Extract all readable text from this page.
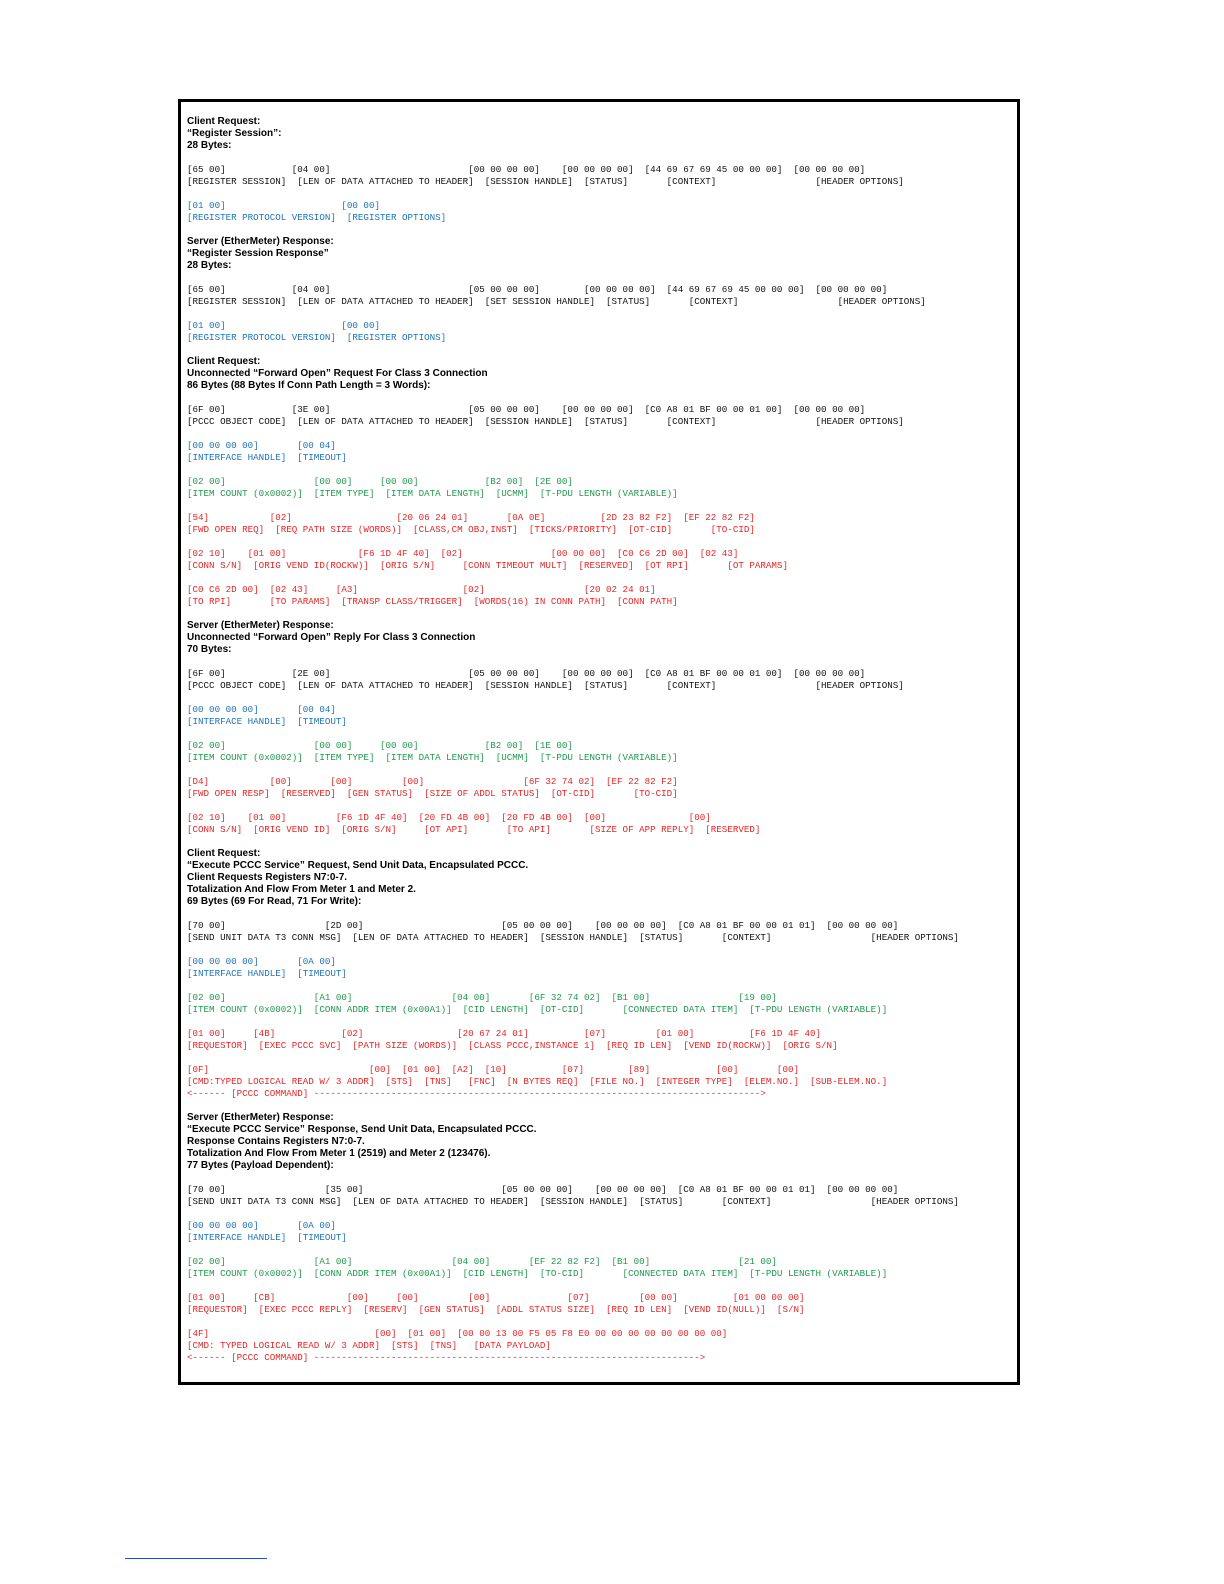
Client Request:
“Register Session”:
28 Bytes:
[65 00]            [04 00]                         [00 00 00 00]    [00 00 00 00]  [44 69 67 69 45 00 00 00]  [00 00 00 00]
[REGISTER SESSION]  [LEN OF DATA ATTACHED TO HEADER]  [SESSION HANDLE]  [STATUS]       [CONTEXT]                  [HEADER OPTIONS]
[01 00]                     [00 00]
[REGISTER PROTOCOL VERSION]  [REGISTER OPTIONS]
Server (EtherMeter) Response:
“Register Session Response”
28 Bytes:
[65 00]            [04 00]                         [05 00 00 00]        [00 00 00 00]  [44 69 67 69 45 00 00 00]  [00 00 00 00]
[REGISTER SESSION]  [LEN OF DATA ATTACHED TO HEADER]  [SET SESSION HANDLE]  [STATUS]       [CONTEXT]                  [HEADER OPTIONS]
[01 00]                     [00 00]
[REGISTER PROTOCOL VERSION]  [REGISTER OPTIONS]
Client Request:
Unconnected “Forward Open” Request For Class 3 Connection
86 Bytes (88 Bytes If Conn Path Length = 3 Words):
[6F 00]            [3E 00]                         [05 00 00 00]    [00 00 00 00]  [C0 A8 01 BF 00 00 01 00]  [00 00 00 00]
[PCCC OBJECT CODE]  [LEN OF DATA ATTACHED TO HEADER]  [SESSION HANDLE]  [STATUS]       [CONTEXT]                  [HEADER OPTIONS]
[00 00 00 00]       [00 04]
[INTERFACE HANDLE]  [TIMEOUT]
[02 00]                [00 00]     [00 00]            [B2 00]  [2E 00]
[ITEM COUNT (0x0002)]  [ITEM TYPE]  [ITEM DATA LENGTH]  [UCMM]  [T-PDU LENGTH (VARIABLE)]
[54]           [02]                   [20 06 24 01]       [0A 0E]          [2D 23 82 F2]  [EF 22 82 F2]
[FWD OPEN REQ]  [REQ PATH SIZE (WORDS)]  [CLASS,CM OBJ,INST]  [TICKS/PRIORITY]  [OT-CID]       [TO-CID]
[02 10]    [01 00]             [F6 1D 4F 40]  [02]                [00 00 00]  [C0 C6 2D 00]  [02 43]
[CONN S/N]  [ORIG VEND ID(ROCKW)]  [ORIG S/N]     [CONN TIMEOUT MULT]  [RESERVED]  [OT RPI]       [OT PARAMS]
[C0 C6 2D 00]  [02 43]     [A3]                   [02]                  [20 02 24 01]
[TO RPI]       [TO PARAMS]  [TRANSP CLASS/TRIGGER]  [WORDS(16) IN CONN PATH]  [CONN PATH]
Server (EtherMeter) Response:
Unconnected “Forward Open” Reply For Class 3 Connection
70 Bytes:
[6F 00]            [2E 00]                         [05 00 00 00]    [00 00 00 00]  [C0 A8 01 BF 00 00 01 00]  [00 00 00 00]
[PCCC OBJECT CODE]  [LEN OF DATA ATTACHED TO HEADER]  [SESSION HANDLE]  [STATUS]       [CONTEXT]                  [HEADER OPTIONS]
[00 00 00 00]       [00 04]
[INTERFACE HANDLE]  [TIMEOUT]
[02 00]                [00 00]     [00 00]            [B2 00]  [1E 00]
[ITEM COUNT (0x0002)]  [ITEM TYPE]  [ITEM DATA LENGTH]  [UCMM]  [T-PDU LENGTH (VARIABLE)]
[D4]           [00]       [00]         [00]                  [6F 32 74 02]  [EF 22 82 F2]
[FWD OPEN RESP]  [RESERVED]  [GEN STATUS]  [SIZE OF ADDL STATUS]  [OT-CID]       [TO-CID]
[02 10]    [01 00]         [F6 1D 4F 40]  [20 FD 4B 00]  [20 FD 4B 00]  [00]               [00]
[CONN S/N]  [ORIG VEND ID]  [ORIG S/N]     [OT API]       [TO API]       [SIZE OF APP REPLY]  [RESERVED]
Client Request:
“Execute PCCC Service” Request, Send Unit Data, Encapsulated PCCC.
Client Requests Registers N7:0-7.
Totalization And Flow From Meter 1 and Meter 2.
69 Bytes (69 For Read, 71 For Write):
[70 00]                  [2D 00]                         [05 00 00 00]    [00 00 00 00]  [C0 A8 01 BF 00 00 01 01]  [00 00 00 00]
[SEND UNIT DATA T3 CONN MSG]  [LEN OF DATA ATTACHED TO HEADER]  [SESSION HANDLE]  [STATUS]       [CONTEXT]                  [HEADER OPTIONS]
[00 00 00 00]       [0A 00]
[INTERFACE HANDLE]  [TIMEOUT]
[02 00]                [A1 00]                  [04 00]       [6F 32 74 02]  [B1 00]                [19 00]
[ITEM COUNT (0x0002)]  [CONN ADDR ITEM (0x00A1)]  [CID LENGTH]  [OT-CID]       [CONNECTED DATA ITEM]  [T-PDU LENGTH (VARIABLE)]
[01 00]     [4B]            [02]                 [20 67 24 01]          [07]         [01 00]          [F6 1D 4F 40]
[REQUESTOR]  [EXEC PCCC SVC]  [PATH SIZE (WORDS)]  [CLASS PCCC,INSTANCE 1]  [REQ ID LEN]  [VEND ID(ROCKW)]  [ORIG S/N]
[0F]                             [00]  [01 00]  [A2]  [10]          [07]        [89]            [00]       [00]
[CMD:TYPED LOGICAL READ W/ 3 ADDR]  [STS]  [TNS]   [FNC]  [N BYTES REQ]  [FILE NO.]  [INTEGER TYPE]  [ELEM.NO.]  [SUB-ELEM.NO.]
<------ [PCCC COMMAND] --------------------------------------------------------------------------------->
Server (EtherMeter) Response:
“Execute PCCC Service” Response, Send Unit Data, Encapsulated PCCC.
Response Contains Registers N7:0-7.
Totalization And Flow From Meter 1 (2519) and Meter 2 (123476).
77 Bytes (Payload Dependent):
[70 00]                  [35 00]                         [05 00 00 00]    [00 00 00 00]  [C0 A8 01 BF 00 00 01 01]  [00 00 00 00]
[SEND UNIT DATA T3 CONN MSG]  [LEN OF DATA ATTACHED TO HEADER]  [SESSION HANDLE]  [STATUS]       [CONTEXT]                  [HEADER OPTIONS]
[00 00 00 00]       [0A 00]
[INTERFACE HANDLE]  [TIMEOUT]
[02 00]                [A1 00]                  [04 00]       [EF 22 82 F2]  [B1 00]                [21 00]
[ITEM COUNT (0x0002)]  [CONN ADDR ITEM (0x00A1)]  [CID LENGTH]  [TO-CID]       [CONNECTED DATA ITEM]  [T-PDU LENGTH (VARIABLE)]
[01 00]     [CB]             [00]     [00]         [00]              [07]         [00 00]          [01 00 00 00]
[REQUESTOR]  [EXEC PCCC REPLY]  [RESERV]  [GEN STATUS]  [ADDL STATUS SIZE]  [REQ ID LEN]  [VEND ID(NULL)]  [S/N]
[4F]                              [00]  [01 00]  [00 00 13 00 F5 05 F8 E0 00 00 00 00 00 00 00 00]
[CMD: TYPED LOGICAL READ W/ 3 ADDR]  [STS]  [TNS]   [DATA PAYLOAD]
<------ [PCCC COMMAND] ---------------------------------------------------------------------->
